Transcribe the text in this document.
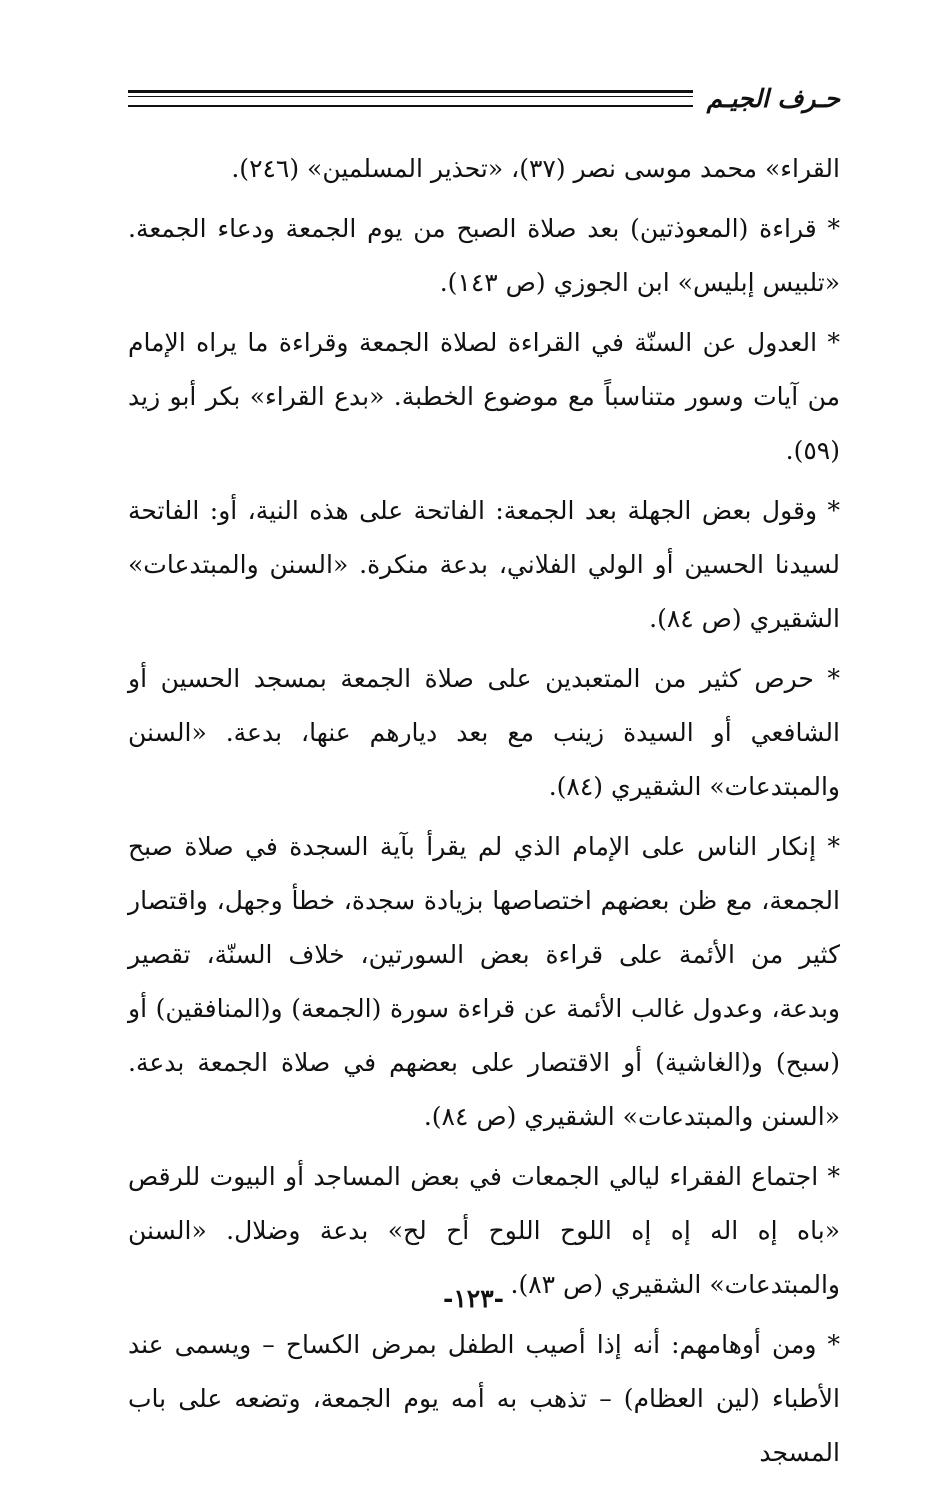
حـرف الجيـم

القراء» محمد موسى نصر (٣٧)، «تحذير المسلمين» (٢٤٦).

* قراءة (المعوذتين) بعد صلاة الصبح من يوم الجمعة ودعاء الجمعة. «تلبيس إبليس» ابن الجوزي (ص ١٤٣).

* العدول عن السنّة في القراءة لصلاة الجمعة وقراءة ما يراه الإمام من آيات وسور متناسباً مع موضوع الخطبة. «بدع القراء» بكر أبو زيد (٥٩).

* وقول بعض الجهلة بعد الجمعة: الفاتحة على هذه النية، أو: الفاتحة لسيدنا الحسين أو الولي الفلاني، بدعة منكرة. «السنن والمبتدعات» الشقيري (ص ٨٤).

* حرص كثير من المتعبدين على صلاة الجمعة بمسجد الحسين أو الشافعي أو السيدة زينب مع بعد ديارهم عنها، بدعة. «السنن والمبتدعات» الشقيري (٨٤).

* إنكار الناس على الإمام الذي لم يقرأ بآية السجدة في صلاة صبح الجمعة، مع ظن بعضهم اختصاصها بزيادة سجدة، خطأ وجهل، واقتصار كثير من الأئمة على قراءة بعض السورتين، خلاف السنّة، تقصير وبدعة، وعدول غالب الأئمة عن قراءة سورة (الجمعة) و(المنافقين) أو (سبح) و(الغاشية) أو الاقتصار على بعضهم في صلاة الجمعة بدعة. «السنن والمبتدعات» الشقيري (ص ٨٤).

* اجتماع الفقراء ليالي الجمعات في بعض المساجد أو البيوت للرقص «باه إه اله إه إه اللوح اللوح أح لح» بدعة وضلال. «السنن والمبتدعات» الشقيري (ص ٨٣).

* ومن أوهامهم: أنه إذا أصيب الطفل بمرض الكساح – ويسمى عند الأطباء (لين العظام) – تذهب به أمه يوم الجمعة، وتضعه على باب المسجد

-١٢٣-
